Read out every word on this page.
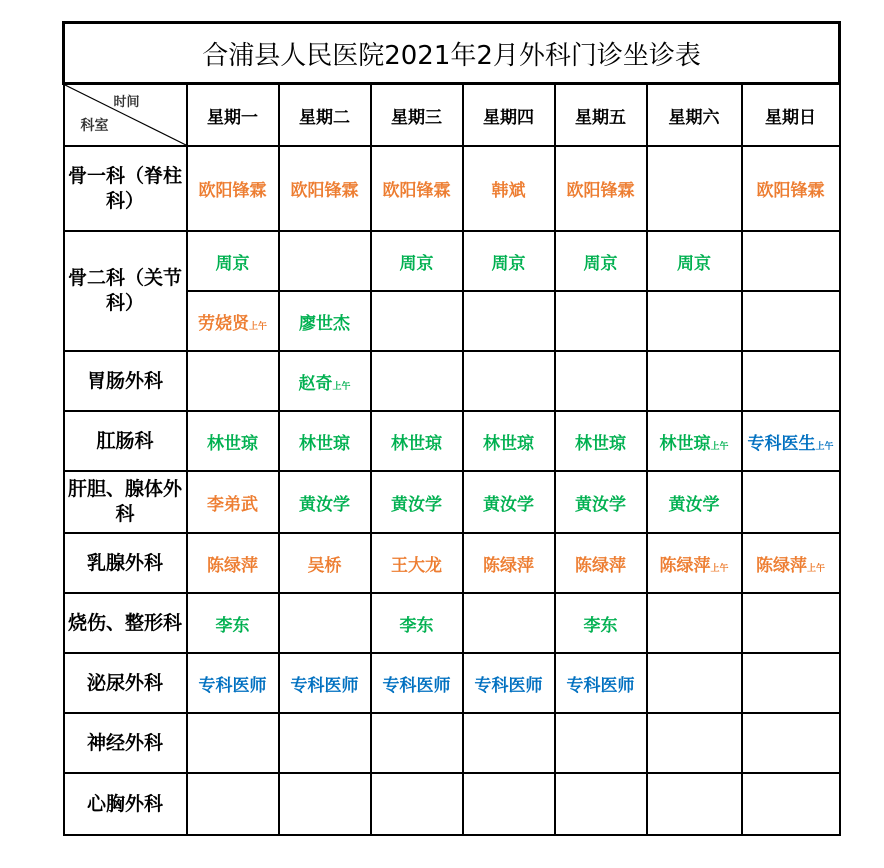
合浦县人民医院2021年2月外科门诊坐诊表							

时间
科室	星期一	星期二	星期三	星期四	星期五	星期六	星期日
骨一科（脊柱科）	欧阳锋霖	欧阳锋霖	欧阳锋霖	韩斌	欧阳锋霖		欧阳锋霖
骨二科（关节科）	周京		周京	周京	周京	周京	
	劳娆贤上午	廖世杰					
胃肠外科		赵奇上午					
肛肠科	林世琼	林世琼	林世琼	林世琼	林世琼	林世琼上午	专科医生上午
肝胆、腺体外科	李弟武	黄汝学	黄汝学	黄汝学	黄汝学	黄汝学	
乳腺外科	陈绿萍	吴桥	王大龙	陈绿萍	陈绿萍	陈绿萍上午	陈绿萍上午
烧伤、整形科	李东		李东		李东		
泌尿外科	专科医师	专科医师	专科医师	专科医师	专科医师		
神经外科							
心胸外科							
